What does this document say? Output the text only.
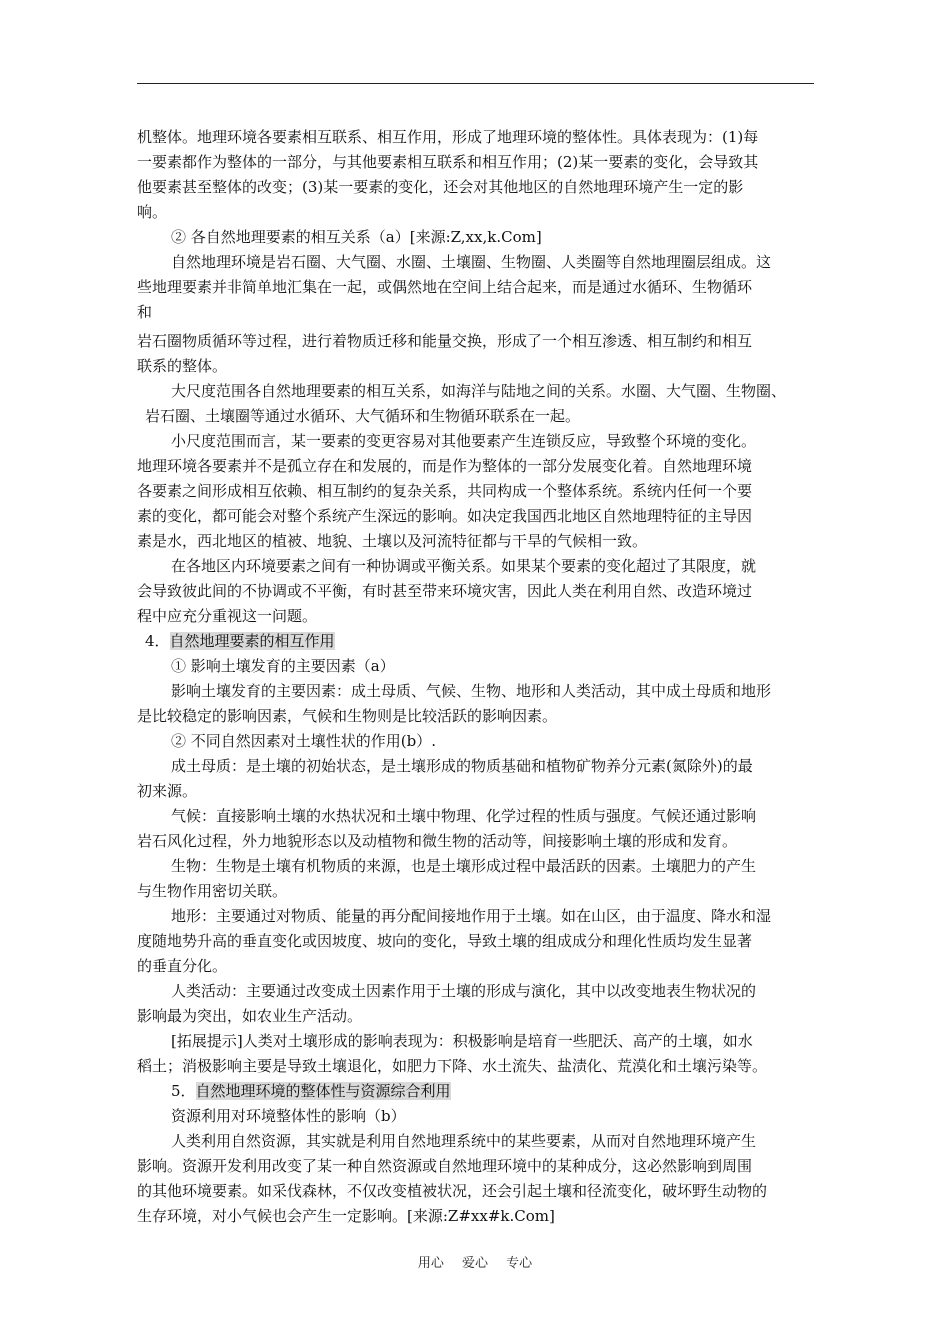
机整体。地理环境各要素相互联系、相互作用，形成了地理环境的整体性。具体表现为：(1)每
一要素都作为整体的一部分，与其他要素相互联系和相互作用；(2)某一要素的变化，会导致其
他要素甚至整体的改变；(3)某一要素的变化，还会对其他地区的自然地理环境产生一定的影
响。
② 各自然地理要素的相互关系（a）[来源:Z,xx,k.Com]
自然地理环境是岩石圈、大气圈、水圈、土壤圈、生物圈、人类圈等自然地理圈层组成。这
些地理要素并非简单地汇集在一起，或偶然地在空间上结合起来，而是通过水循环、生物循环
和
岩石圈物质循环等过程，进行着物质迁移和能量交换，形成了一个相互渗透、相互制约和相互
联系的整体。
大尺度范围各自然地理要素的相互关系，如海洋与陆地之间的关系。水圈、大气圈、生物圈、
岩石圈、土壤圈等通过水循环、大气循环和生物循环联系在一起。
小尺度范围而言，某一要素的变更容易对其他要素产生连锁反应，导致整个环境的变化。
地理环境各要素并不是孤立存在和发展的，而是作为整体的一部分发展变化着。自然地理环境
各要素之间形成相互依赖、相互制约的复杂关系，共同构成一个整体系统。系统内任何一个要
素的变化，都可能会对整个系统产生深远的影响。如决定我国西北地区自然地理特征的主导因
素是水，西北地区的植被、地貌、土壤以及河流特征都与干旱的气候相一致。
在各地区内环境要素之间有一种协调或平衡关系。如果某个要素的变化超过了其限度，就
会导致彼此间的不协调或不平衡，有时甚至带来环境灾害，因此人类在利用自然、改造环境过
程中应充分重视这一问题。
4．自然地理要素的相互作用
① 影响土壤发育的主要因素（a）
影响土壤发育的主要因素：成土母质、气候、生物、地形和人类活动，其中成土母质和地形
是比较稳定的影响因素，气候和生物则是比较活跃的影响因素。
② 不同自然因素对土壤性状的作用(b）.
成土母质：是土壤的初始状态，是土壤形成的物质基础和植物矿物养分元素(氮除外)的最
初来源。
气候：直接影响土壤的水热状况和土壤中物理、化学过程的性质与强度。气候还通过影响
岩石风化过程，外力地貌形态以及动植物和微生物的活动等，间接影响土壤的形成和发育。
生物：生物是土壤有机物质的来源，也是土壤形成过程中最活跃的因素。土壤肥力的产生
与生物作用密切关联。
地形：主要通过对物质、能量的再分配间接地作用于土壤。如在山区，由于温度、降水和湿
度随地势升高的垂直变化或因坡度、坡向的变化，导致土壤的组成成分和理化性质均发生显著
的垂直分化。
人类活动：主要通过改变成土因素作用于土壤的形成与演化，其中以改变地表生物状况的
影响最为突出，如农业生产活动。
[拓展提示]人类对土壤形成的影响表现为：积极影响是培育一些肥沃、高产的土壤，如水
稻土；消极影响主要是导致土壤退化，如肥力下降、水土流失、盐渍化、荒漠化和土壤污染等。
5．自然地理环境的整体性与资源综合利用
资源利用对环境整体性的影响（b）
人类利用自然资源，其实就是利用自然地理系统中的某些要素，从而对自然地理环境产生
影响。资源开发利用改变了某一种自然资源或自然地理环境中的某种成分，这必然影响到周围
的其他环境要素。如采伐森林，不仅改变植被状况，还会引起土壤和径流变化，破坏野生动物的
生存环境，对小气候也会产生一定影响。[来源:Z#xx#k.Com]
用心 爱心 专心
